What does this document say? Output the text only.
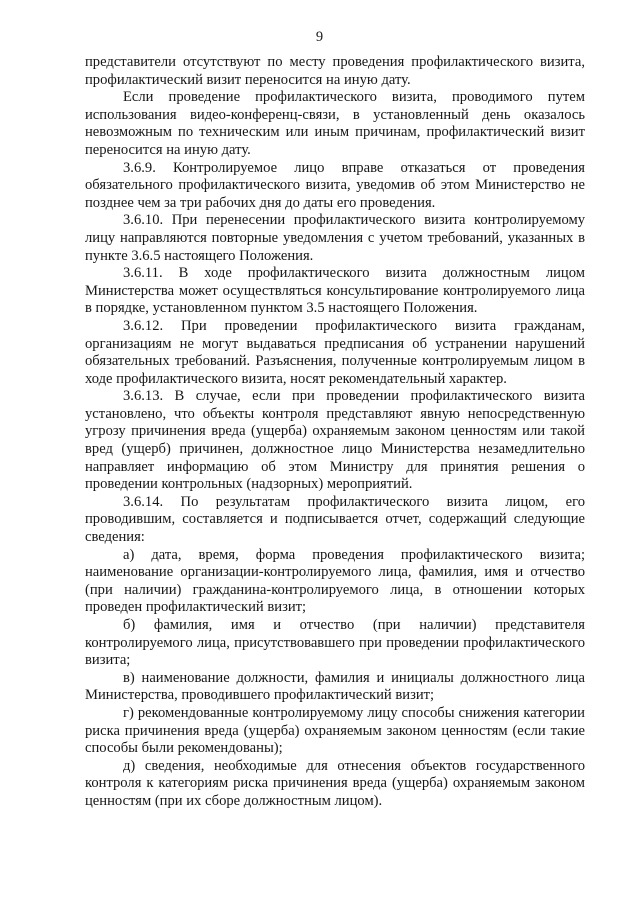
9

представители отсутствуют по месту проведения профилактического визита, профилактический визит переносится на иную дату.

Если проведение профилактического визита, проводимого путем использования видео-конференц-связи, в установленный день оказалось невозможным по техническим или иным причинам, профилактический визит переносится на иную дату.

3.6.9. Контролируемое лицо вправе отказаться от проведения обязательного профилактического визита, уведомив об этом Министерство не позднее чем за три рабочих дня до даты его проведения.

3.6.10. При перенесении профилактического визита контролируемому лицу направляются повторные уведомления с учетом требований, указанных в пункте 3.6.5 настоящего Положения.

3.6.11. В ходе профилактического визита должностным лицом Министерства может осуществляться консультирование контролируемого лица в порядке, установленном пунктом 3.5 настоящего Положения.

3.6.12. При проведении профилактического визита гражданам, организациям не могут выдаваться предписания об устранении нарушений обязательных требований. Разъяснения, полученные контролируемым лицом в ходе профилактического визита, носят рекомендательный характер.

3.6.13. В случае, если при проведении профилактического визита установлено, что объекты контроля представляют явную непосредственную угрозу причинения вреда (ущерба) охраняемым законом ценностям или такой вред (ущерб) причинен, должностное лицо Министерства незамедлительно направляет информацию об этом Министру для принятия решения о проведении контрольных (надзорных) мероприятий.

3.6.14. По результатам профилактического визита лицом, его проводившим, составляется и подписывается отчет, содержащий следующие сведения:

а) дата, время, форма проведения профилактического визита; наименование организации-контролируемого лица, фамилия, имя и отчество (при наличии) гражданина-контролируемого лица, в отношении которых проведен профилактический визит;

б) фамилия, имя и отчество (при наличии) представителя контролируемого лица, присутствовавшего при проведении профилактического визита;

в) наименование должности, фамилия и инициалы должностного лица Министерства, проводившего профилактический визит;

г) рекомендованные контролируемому лицу способы снижения категории риска причинения вреда (ущерба) охраняемым законом ценностям (если такие способы были рекомендованы);

д) сведения, необходимые для отнесения объектов государственного контроля к категориям риска причинения вреда (ущерба) охраняемым законом ценностям (при их сборе должностным лицом).
